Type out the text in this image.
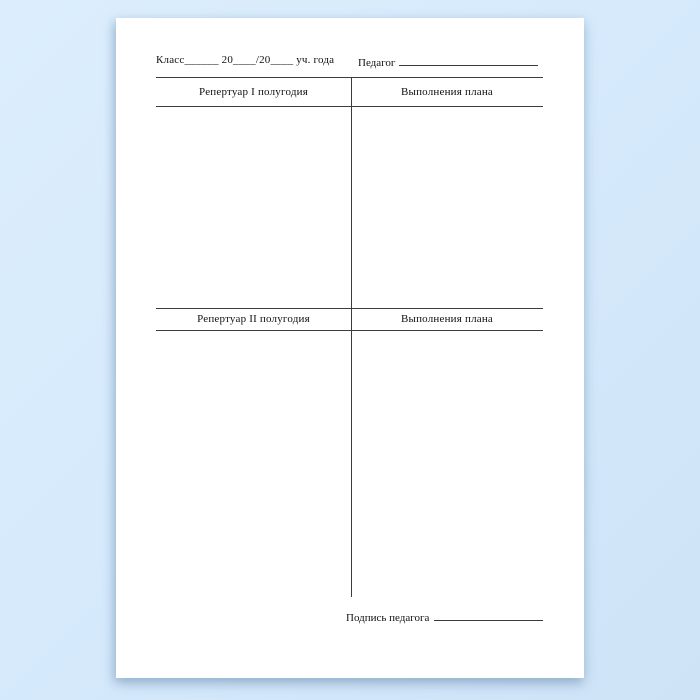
Класс______ 20____/20____ уч. года Педагог
Репертуар I полугодия	Выполнения плана
Репертуар II полугодия	Выполнения плана
Подпись педагога
